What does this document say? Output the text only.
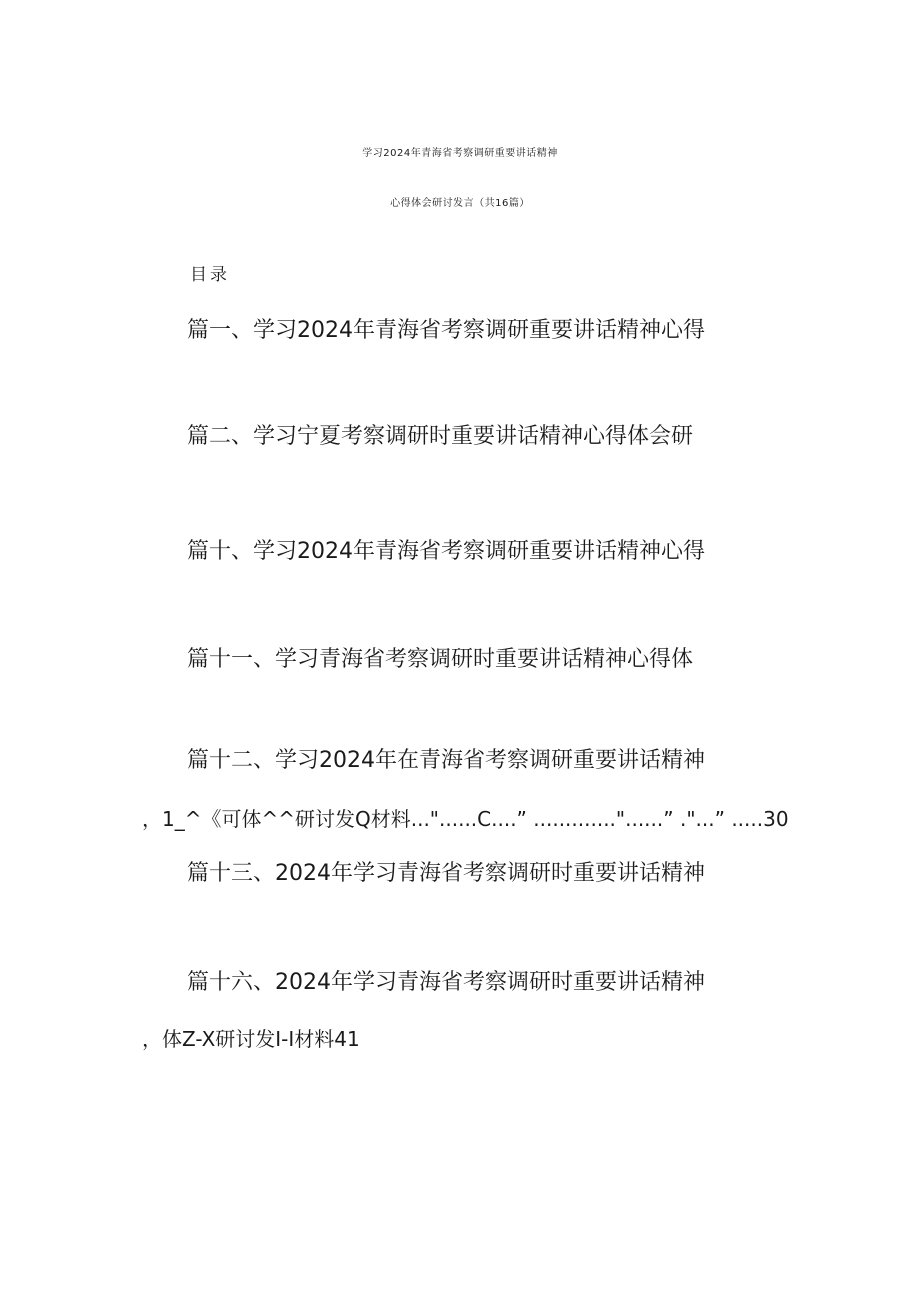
学习2024年青海省考察调研重要讲话精神
心得体会研讨发言（共16篇）
目录
篇一、学习2024年青海省考察调研重要讲话精神心得
篇二、学习宁夏考察调研时重要讲话精神心得体会研
篇十、学习2024年青海省考察调研重要讲话精神心得
篇十一、学习青海省考察调研时重要讲话精神心得体
篇十二、学习2024年在青海省考察调研重要讲话精神
，1_^《可体^^研讨发Q材料..."......C....” ............."......” ."...” .....30
篇十三、2024年学习青海省考察调研时重要讲话精神
篇十六、2024年学习青海省考察调研时重要讲话精神
，体Z-X研讨发I-I材料41
